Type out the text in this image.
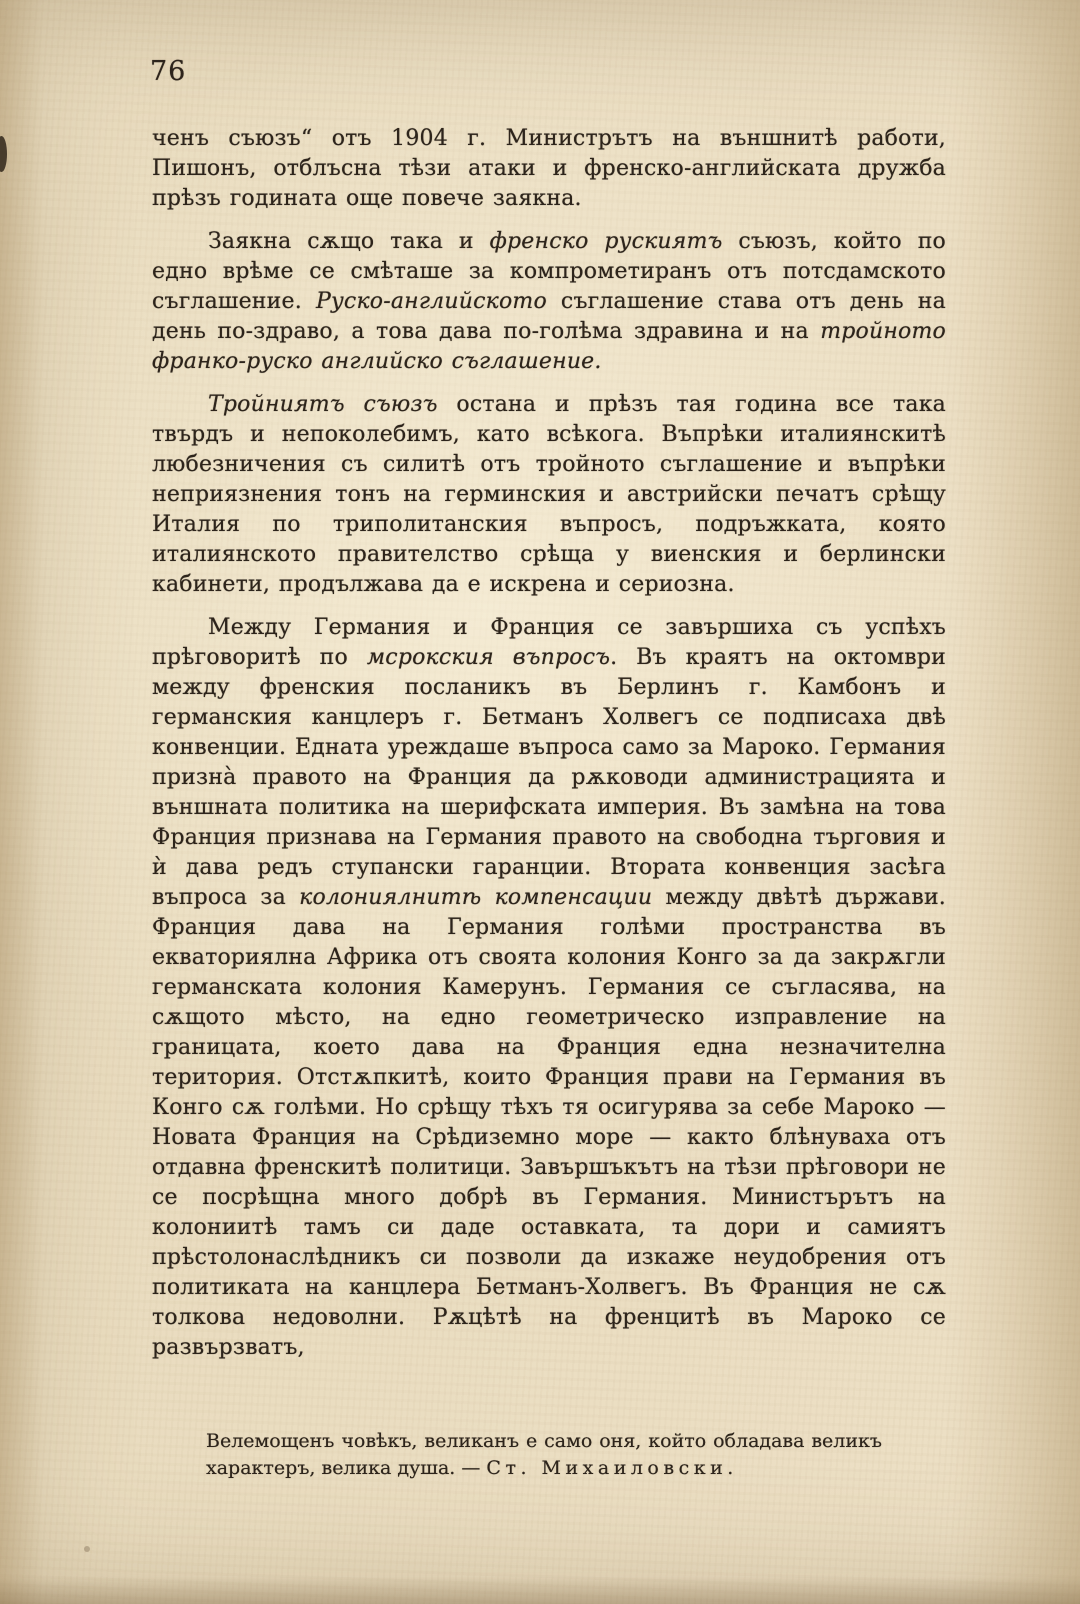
76

ченъ съюзъ“ отъ 1904 г. Министрътъ на външнитѣ работи, Пишонъ, отблъсна тѣзи атаки и френско-английската дружба прѣзъ годината още повече заякна.

Заякна сѫщо така и френско рускиятъ съюзъ, който по едно врѣме се смѣташе за компрометиранъ отъ потсдамското съглашение. Руско-английското съглашение става отъ день на день по-здраво, а това дава по-голѣма здравина и на тройното франко-руско английско съглашение.

Тройниятъ съюзъ остана и прѣзъ тая година все така твърдъ и непоколебимъ, като всѣкога. Въпрѣки италиянскитѣ любезничения съ силитѣ отъ тройното съглашение и въпрѣки неприязнения тонъ на герминския и австрийски печатъ срѣщу Италия по триполитанския въпросъ, подръжката, която италиянското правителство срѣща у виенския и берлински кабинети, продължава да е искрена и сериозна.

Между Германия и Франция се завършиха съ успѣхъ прѣговоритѣ по мсрокския въпросъ. Въ краятъ на октомври между френския посланикъ въ Берлинъ г. Камбонъ и германския канцлеръ г. Бетманъ Холвегъ се подписаха двѣ конвенции. Едната уреждаше въпроса само за Мароко. Германия призна̀ правото на Франция да рѫководи администрацията и външната политика на шерифската империя. Въ замѣна на това Франция признава на Германия правото на свободна търговия и ѝ дава редъ ступански гаранции. Втората конвенция засѣга въпроса за колониялнитѣ компенсации между двѣтѣ държави. Франция дава на Германия голѣми пространства въ екваториялна Африка отъ своята колония Конго за да закрѫгли германската колония Камерунъ. Германия се съгласява, на сѫщото мѣсто, на едно геометрическо изправление на границата, което дава на Франция една незначителна територия. Отстѫпкитѣ, които Франция прави на Германия въ Конго сѫ голѣми. Но срѣщу тѣхъ тя осигурява за себе Мароко — Новата Франция на Срѣдиземно море — както блѣнуваха отъ отдавна френскитѣ политици. Завършъкътъ на тѣзи прѣговори не се посрѣщна много добрѣ въ Германия. Министърътъ на колониитѣ тамъ си даде оставката, та дори и самиятъ прѣстолонаслѣдникъ си позволи да изкаже неудобрения отъ политиката на канцлера Бетманъ-Холвегъ. Въ Франция не сѫ толкова недоволни. Рѫцѣтѣ на френцитѣ въ Мароко се развързватъ,

Велемощенъ човѣкъ, великанъ е само оня, който обладава великъ характеръ, велика душа. — Ст. Михаиловски.
